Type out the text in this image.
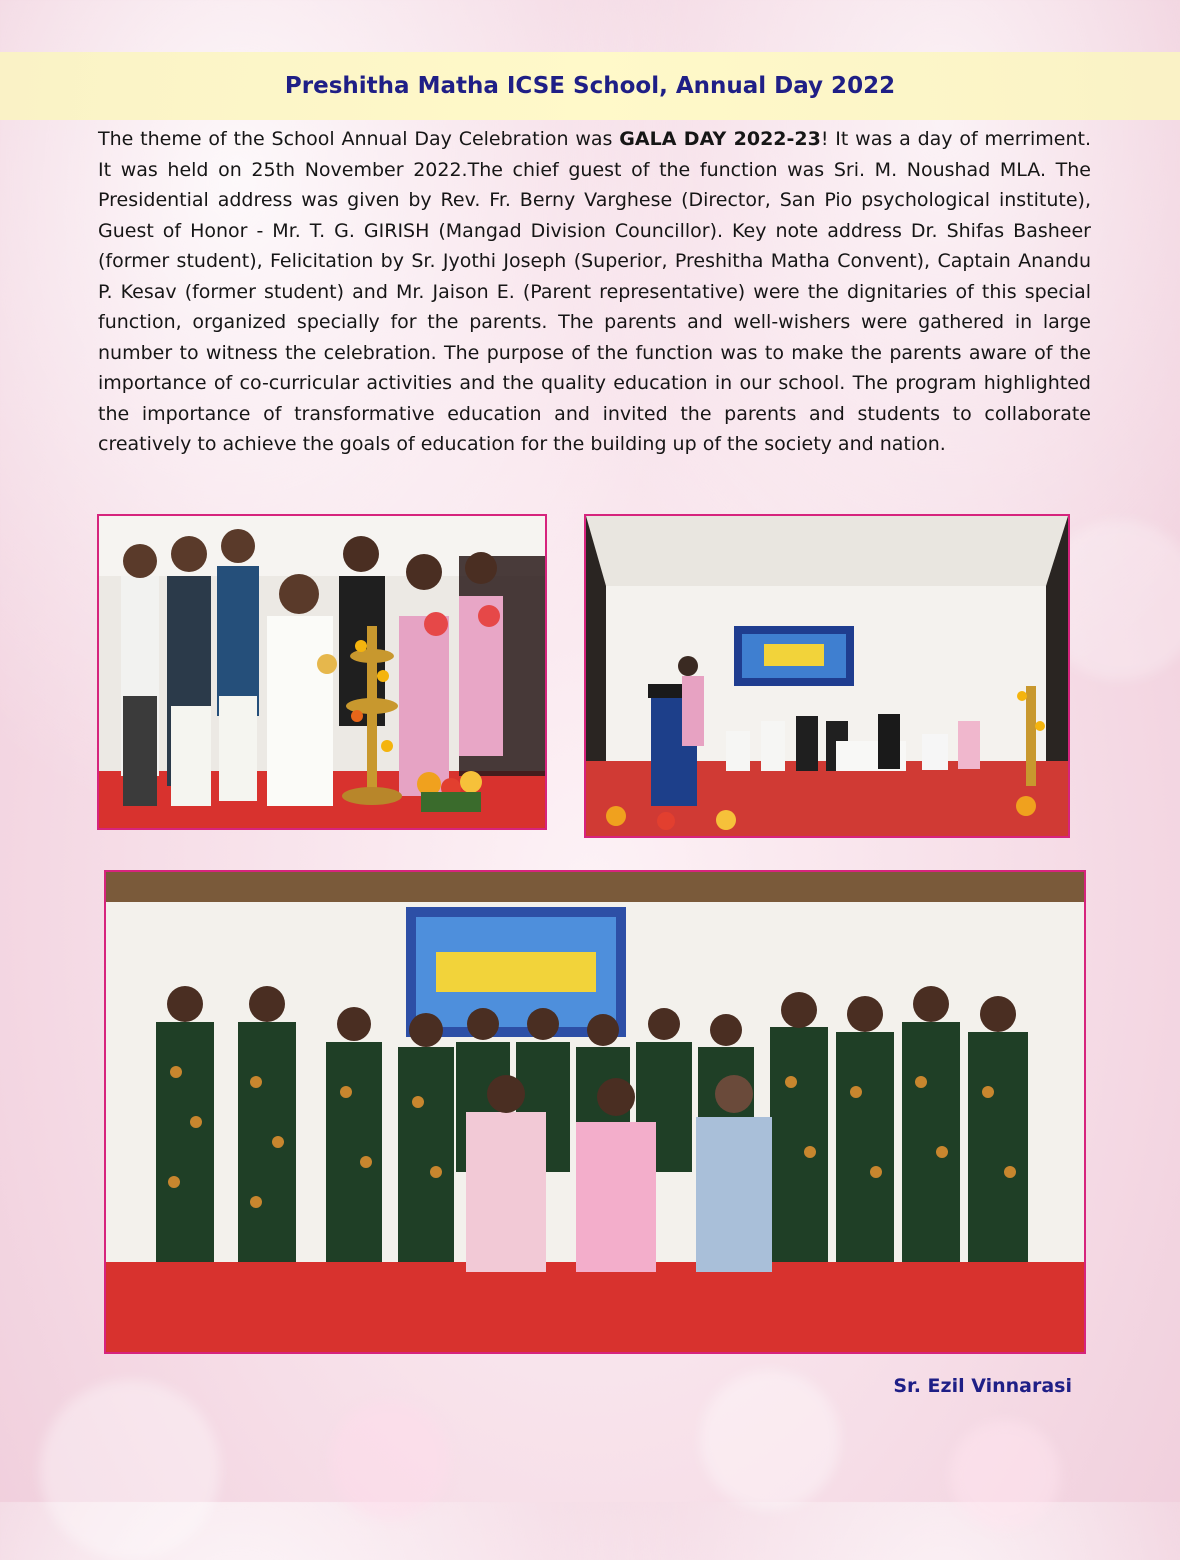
Preshitha Matha ICSE School, Annual Day 2022

The theme of the School Annual Day Celebration was GALA DAY 2022-23! It was a day of merriment. It was held on 25th November 2022.The chief guest of the function was Sri. M. Noushad MLA. The Presidential address was given by Rev. Fr. Berny Varghese (Director, San Pio psychological institute), Guest of Honor - Mr. T. G. GIRISH (Mangad Division Councillor). Key note address Dr. Shifas Basheer (former student), Felicitation by Sr. Jyothi Joseph (Superior, Preshitha Matha Convent), Captain Anandu P. Kesav (former student) and Mr. Jaison E. (Parent representative) were the dignitaries of this special function, organized specially for the parents. The parents and well-wishers were gathered in large number to witness the celebration. The purpose of the function was to make the parents aware of the importance of co-curricular activities and the quality education in our school. The program highlighted the importance of transformative education and invited the parents and students to collaborate creatively to achieve the goals of education for the building up of the society and nation.

Sr. Ezil Vinnarasi
